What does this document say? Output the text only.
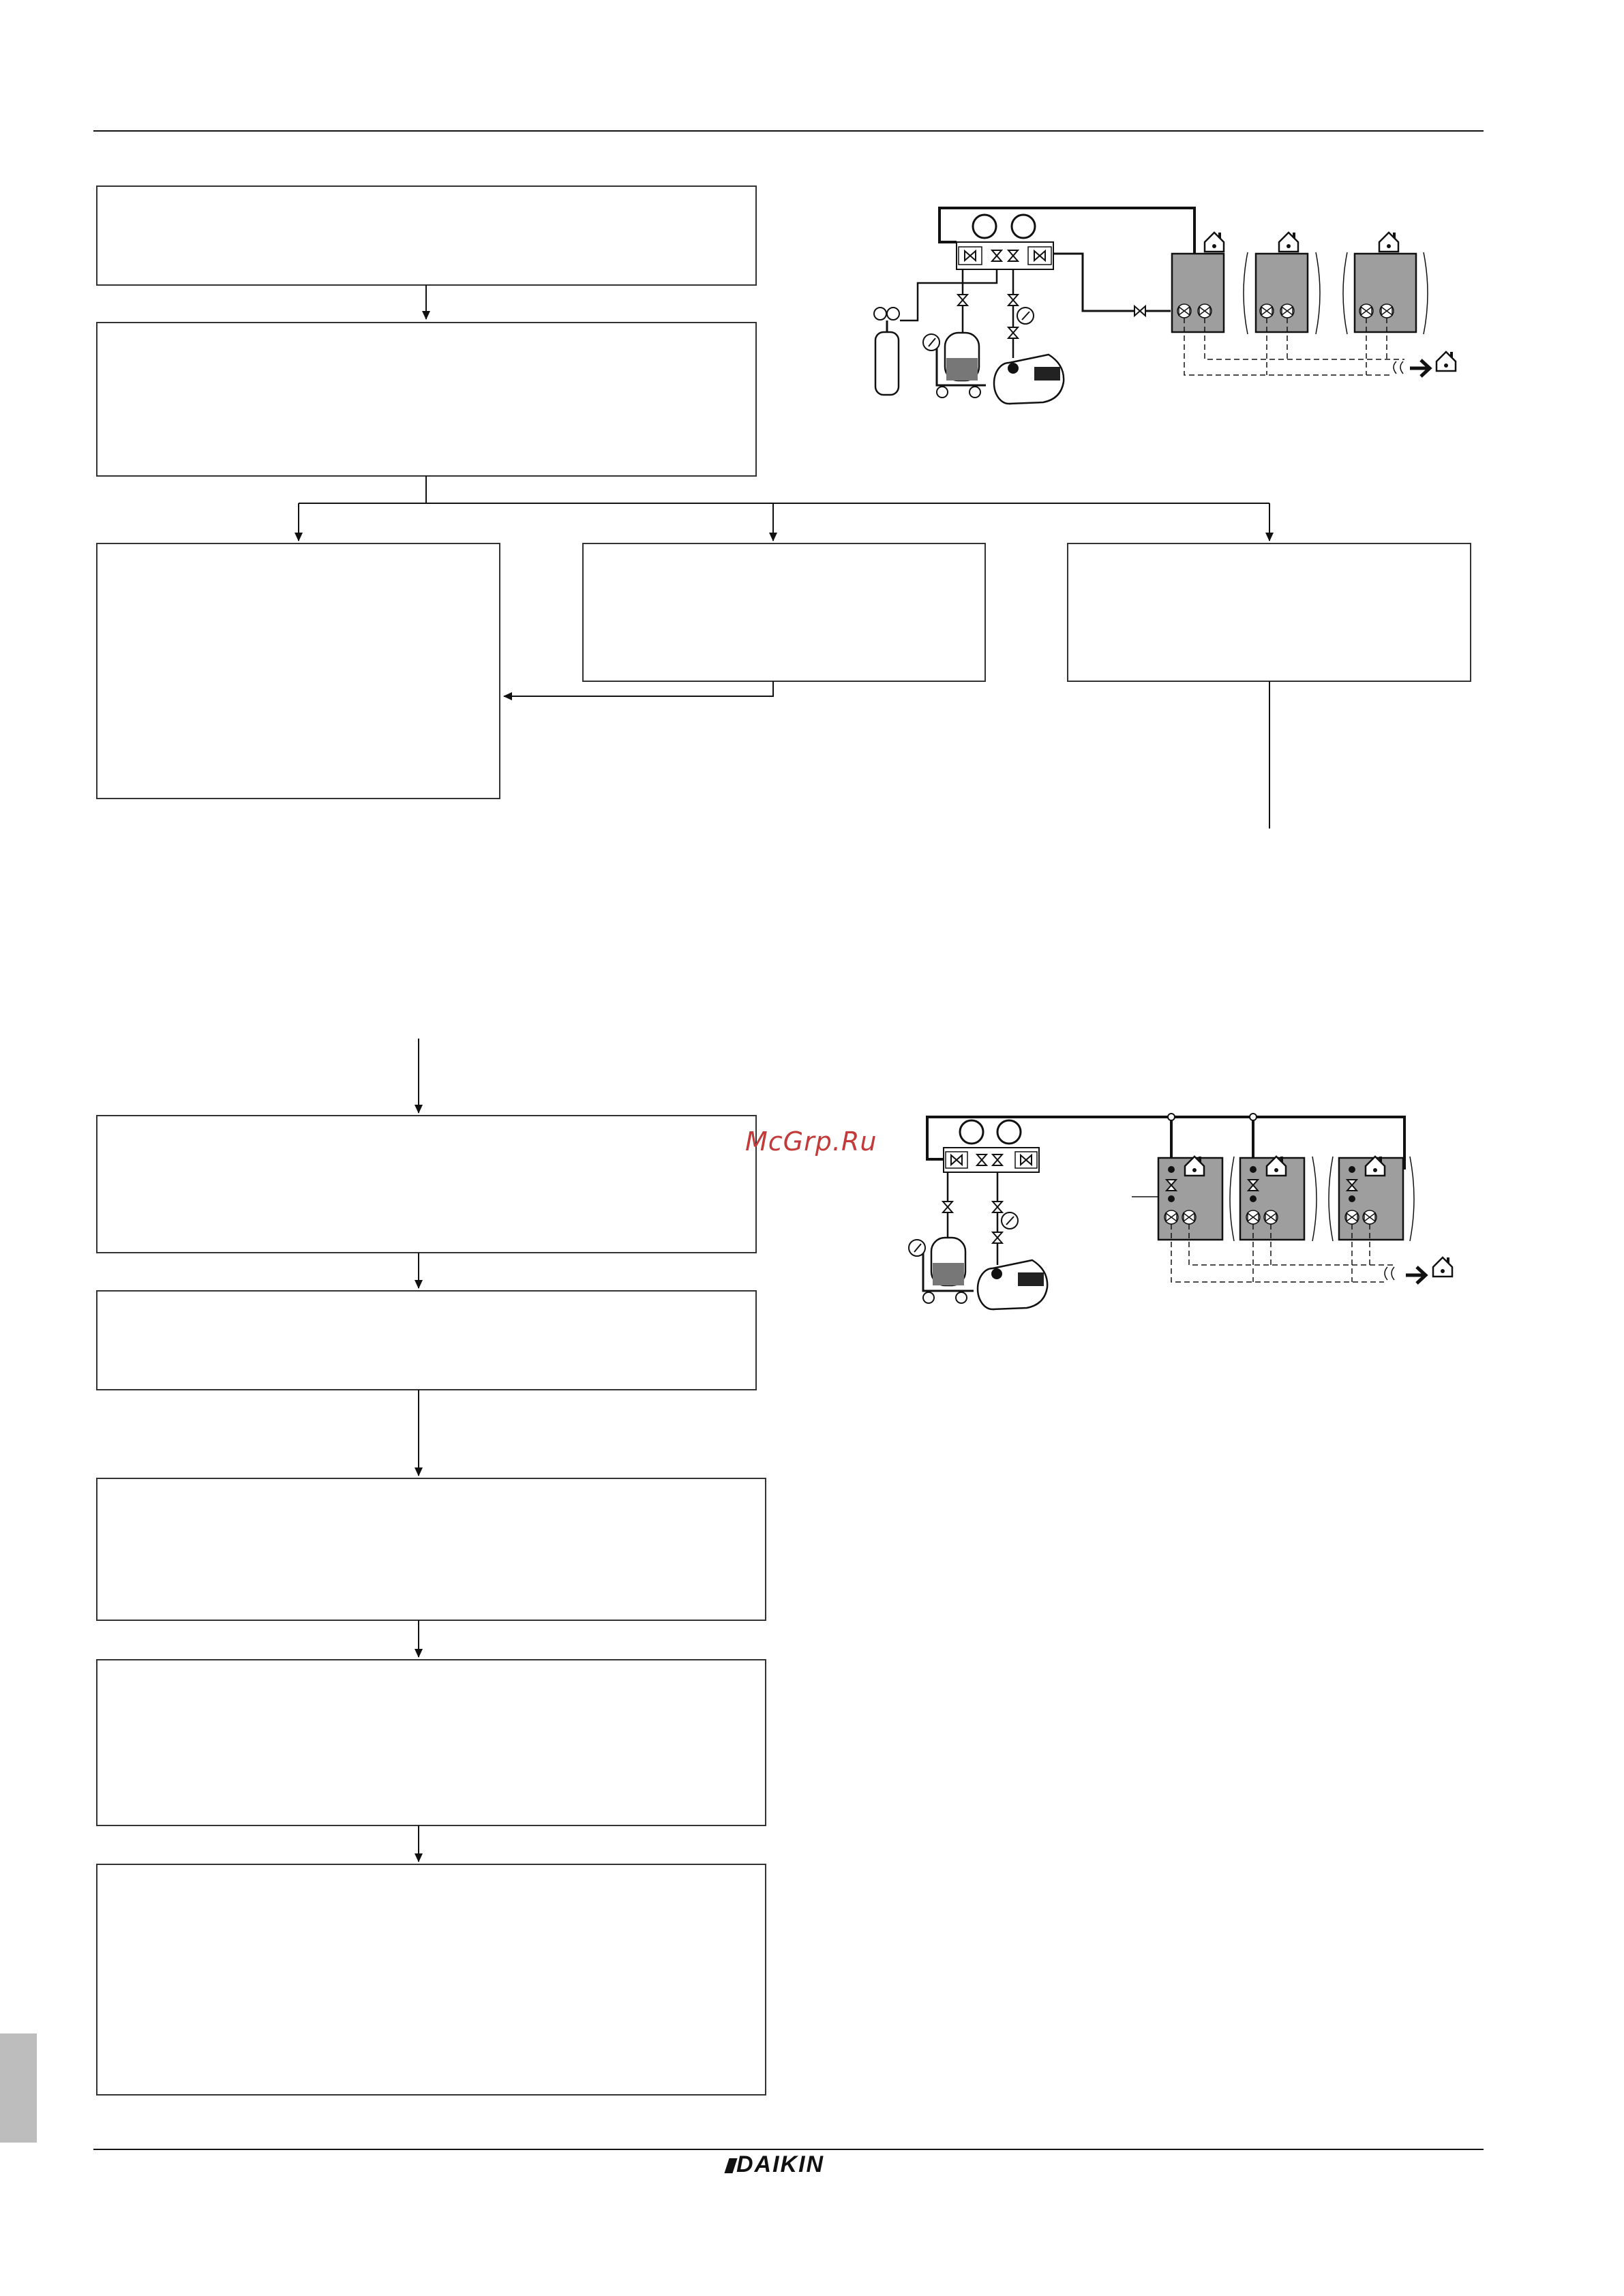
McGrp.Ru
DAIKIN
